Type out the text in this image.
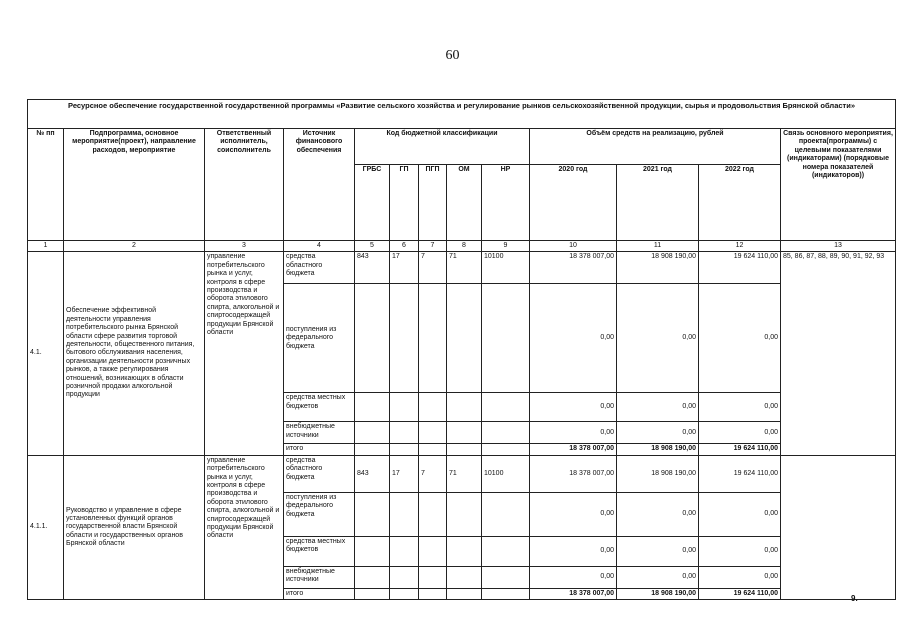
60
Ресурсное обеспечение государственной государственной программы «Развитие сельского хозяйства и регулирование рынков сельскохозяйственной продукции, сырья и продовольствия Брянской области»												
№ пп	Подпрограмма, основное мероприятие(проект), направление расходов, мероприятие	Ответственный исполнитель, соисполнитель	Источник финансового обеспечения	Код бюджетной классификации					Объём средств на реализацию, рублей			Связь основного мероприятия, проекта(программы) с целевыми показателями (индикаторами) (порядковые номера показателей (индикаторов))
				ГРБС	ГП	ПГП	ОМ	НР	2020 год	2021 год	2022 год	
1	2	3	4	5	6	7	8	9	10	11	12	13
4.1.	Обеспечение эффективной деятельности управления потребительского рынка Брянской области сфере развития торговой деятельности, общественного питания, бытового обслуживания населения, организации деятельности розничных рынков, а также регулирования отношений, возникающих в области розничной продажи алкогольной продукции	управление потребительского рынка и услуг, контроля в сфере производства и оборота этилового спирта, алкогольной и спиртосодержащей продукции Брянской области	средства областного бюджета	843	17	7	71	10100	18 378 007,00	18 908 190,00	19 624 110,00	85, 86, 87, 88, 89, 90, 91, 92, 93
			поступления из федерального бюджета						0,00	0,00	0,00	
			средства местных бюджетов						0,00	0,00	0,00	
			внебюджетные источники						0,00	0,00	0,00	
			итого						18 378 007,00	18 908 190,00	19 624 110,00	
4.1.1.	Руководство и управление в сфере установленных функций органов государственной власти Брянской области и государственных органов Брянской области	управление потребительского рынка и услуг, контроля в сфере производства и оборота этилового спирта, алкогольной и спиртосодержащей продукции Брянской области	средства областного бюджета	843	17	7	71	10100	18 378 007,00	18 908 190,00	19 624 110,00	
			поступления из федерального бюджета						0,00	0,00	0,00	
			средства местных бюджетов						0,00	0,00	0,00	
			внебюджетные источники						0,00	0,00	0,00	
			итого						18 378 007,00	18 908 190,00	19 624 110,00	
9.
